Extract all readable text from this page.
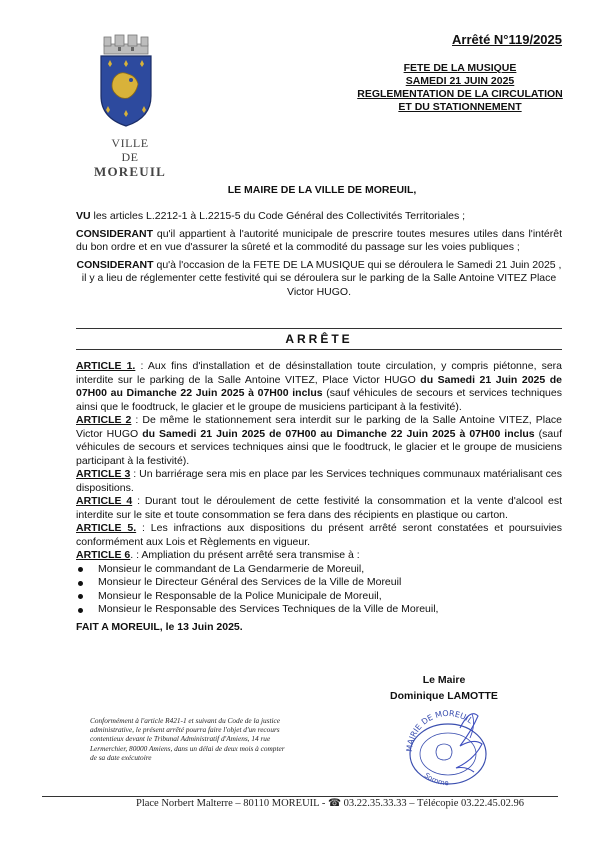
VILLE
DE
MOREUIL
Arrêté N°119/2025
FETE DE LA MUSIQUE
SAMEDI 21 JUIN 2025
REGLEMENTATION DE LA CIRCULATION
ET DU STATIONNEMENT
LE MAIRE DE LA VILLE DE MOREUIL,

VU les articles L.2212-1 à L.2215-5 du Code Général des Collectivités Territoriales ;

CONSIDERANT qu'il appartient à l'autorité municipale de prescrire toutes mesures utiles dans l'intérêt du bon ordre et en vue d'assurer la sûreté et la commodité du passage sur les voies publiques ;

CONSIDERANT qu'à l'occasion de la FETE DE LA MUSIQUE qui se déroulera le Samedi 21 Juin 2025 , il y a lieu de réglementer cette festivité qui se déroulera sur le parking de la Salle Antoine VITEZ Place Victor HUGO.

ARRÊTE

ARTICLE 1. : Aux fins d'installation et de désinstallation toute circulation, y compris piétonne, sera interdite sur le parking de la Salle Antoine VITEZ, Place Victor HUGO du Samedi 21 Juin 2025 de 07H00 au Dimanche 22 Juin 2025 à 07H00 inclus (sauf véhicules de secours et services techniques ainsi que le foodtruck, le glacier et le groupe de musiciens participant à la festivité).

ARTICLE 2 : De même le stationnement sera interdit sur le parking de la Salle Antoine VITEZ, Place Victor HUGO du Samedi 21 Juin 2025 de 07H00 au Dimanche 22 Juin 2025 à 07H00 inclus (sauf véhicules de secours et services techniques ainsi que le foodtruck, le glacier et le groupe de musiciens participant à la festivité).

ARTICLE 3 : Un barriérage sera mis en place par les Services techniques communaux matérialisant ces dispositions.

ARTICLE 4 : Durant tout le déroulement de cette festivité la consommation et la vente d'alcool est interdite sur le site et toute consommation se fera dans des récipients en plastique ou carton.

ARTICLE 5. : Les infractions aux dispositions du présent arrêté seront constatées et poursuivies conformément aux Lois et Règlements en vigueur.

ARTICLE 6. : Ampliation du présent arrêté sera transmise à :

Monsieur le commandant de La Gendarmerie de Moreuil,
Monsieur le Directeur Général des Services de la Ville de Moreuil
Monsieur le Responsable de la Police Municipale de Moreuil,
Monsieur le Responsable des Services Techniques de la Ville de Moreuil,

FAIT A MOREUIL, le 13 Juin 2025.

Le Maire
Dominique LAMOTTE
Conformément à l'article R421-1 et suivant du Code de la justice administrative, le présent arrêté pourra faire l'objet d'un recours contentieux devant le Tribunal Administratif d'Amiens, 14 rue Lermerchier, 80000 Amiens, dans un délai de deux mois à compter de sa date exécutoire
MAIRIE DE MOREUIL
Somme
Place Norbert Malterre – 80110 MOREUIL - ☎ 03.22.35.33.33 – Télécopie 03.22.45.02.96
